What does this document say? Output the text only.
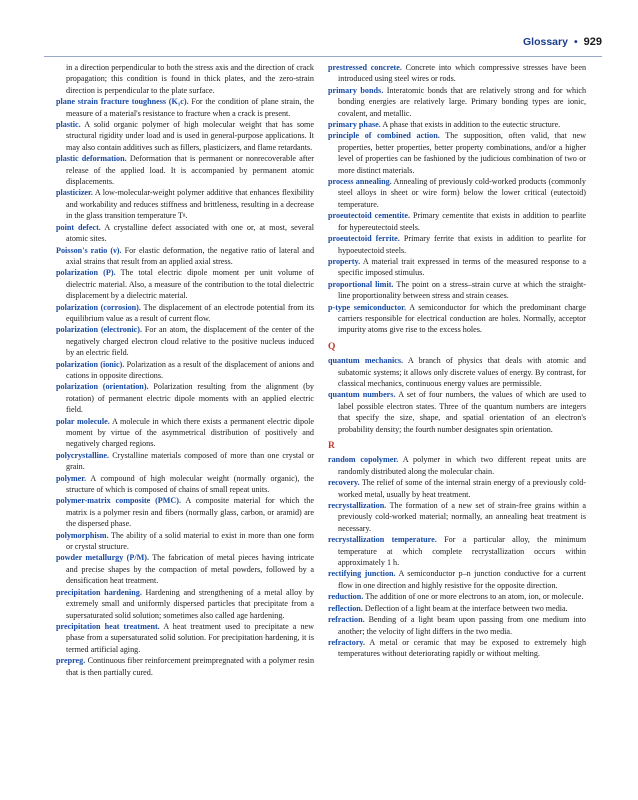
Glossary • 929

in a direction perpendicular to both the stress axis and the direction of crack propagation; this condition is found in thick plates, and the zero-strain direction is perpendicular to the plate surface.

plane strain fracture toughness (K₁c). For the condition of plane strain, the measure of a material's resistance to fracture when a crack is present.

plastic. A solid organic polymer of high molecular weight that has some structural rigidity under load and is used in general-purpose applications. It may also contain additives such as fillers, plasticizers, and flame retardants.

plastic deformation. Deformation that is permanent or nonrecoverable after release of the applied load. It is accompanied by permanent atomic displacements.

plasticizer. A low-molecular-weight polymer additive that enhances flexibility and workability and reduces stiffness and brittleness, resulting in a decrease in the glass transition temperature Tᵍ.

point defect. A crystalline defect associated with one or, at most, several atomic sites.

Poisson's ratio (ν). For elastic deformation, the negative ratio of lateral and axial strains that result from an applied axial stress.

polarization (P). The total electric dipole moment per unit volume of dielectric material. Also, a measure of the contribution to the total dielectric displacement by a dielectric material.

polarization (corrosion). The displacement of an electrode potential from its equilibrium value as a result of current flow.

polarization (electronic). For an atom, the displacement of the center of the negatively charged electron cloud relative to the positive nucleus induced by an electric field.

polarization (ionic). Polarization as a result of the displacement of anions and cations in opposite directions.

polarization (orientation). Polarization resulting from the alignment (by rotation) of permanent electric dipole moments with an applied electric field.

polar molecule. A molecule in which there exists a permanent electric dipole moment by virtue of the asymmetrical distribution of positively and negatively charged regions.

polycrystalline. Crystalline materials composed of more than one crystal or grain.

polymer. A compound of high molecular weight (normally organic), the structure of which is composed of chains of small repeat units.

polymer-matrix composite (PMC). A composite material for which the matrix is a polymer resin and fibers (normally glass, carbon, or aramid) are the dispersed phase.

polymorphism. The ability of a solid material to exist in more than one form or crystal structure.

powder metallurgy (P/M). The fabrication of metal pieces having intricate and precise shapes by the compaction of metal powders, followed by a densification heat treatment.

precipitation hardening. Hardening and strengthening of a metal alloy by extremely small and uniformly dispersed particles that precipitate from a supersaturated solid solution; sometimes also called age hardening.

precipitation heat treatment. A heat treatment used to precipitate a new phase from a supersaturated solid solution. For precipitation hardening, it is termed artificial aging.

prepreg. Continuous fiber reinforcement preimpregnated with a polymer resin that is then partially cured.

prestressed concrete. Concrete into which compressive stresses have been introduced using steel wires or rods.

primary bonds. Interatomic bonds that are relatively strong and for which bonding energies are relatively large. Primary bonding types are ionic, covalent, and metallic.

primary phase. A phase that exists in addition to the eutectic structure.

principle of combined action. The supposition, often valid, that new properties, better properties, better property combinations, and/or a higher level of properties can be fashioned by the judicious combination of two or more distinct materials.

process annealing. Annealing of previously cold-worked products (commonly steel alloys in sheet or wire form) below the lower critical (eutectoid) temperature.

proeutectoid cementite. Primary cementite that exists in addition to pearlite for hypereutectoid steels.

proeutectoid ferrite. Primary ferrite that exists in addition to pearlite for hypoeutectoid steels.

property. A material trait expressed in terms of the measured response to a specific imposed stimulus.

proportional limit. The point on a stress–strain curve at which the straight-line proportionality between stress and strain ceases.

p-type semiconductor. A semiconductor for which the predominant charge carriers responsible for electrical conduction are holes. Normally, acceptor impurity atoms give rise to the excess holes.

Q

quantum mechanics. A branch of physics that deals with atomic and subatomic systems; it allows only discrete values of energy. By contrast, for classical mechanics, continuous energy values are permissible.

quantum numbers. A set of four numbers, the values of which are used to label possible electron states. Three of the quantum numbers are integers that specify the size, shape, and spatial orientation of an electron's probability density; the fourth number designates spin orientation.

R

random copolymer. A polymer in which two different repeat units are randomly distributed along the molecular chain.

recovery. The relief of some of the internal strain energy of a previously cold-worked metal, usually by heat treatment.

recrystallization. The formation of a new set of strain-free grains within a previously cold-worked material; normally, an annealing heat treatment is necessary.

recrystallization temperature. For a particular alloy, the minimum temperature at which complete recrystallization occurs within approximately 1 h.

rectifying junction. A semiconductor p–n junction conductive for a current flow in one direction and highly resistive for the opposite direction.

reduction. The addition of one or more electrons to an atom, ion, or molecule.

reflection. Deflection of a light beam at the interface between two media.

refraction. Bending of a light beam upon passing from one medium into another; the velocity of light differs in the two media.

refractory. A metal or ceramic that may be exposed to extremely high temperatures without deteriorating rapidly or without melting.
